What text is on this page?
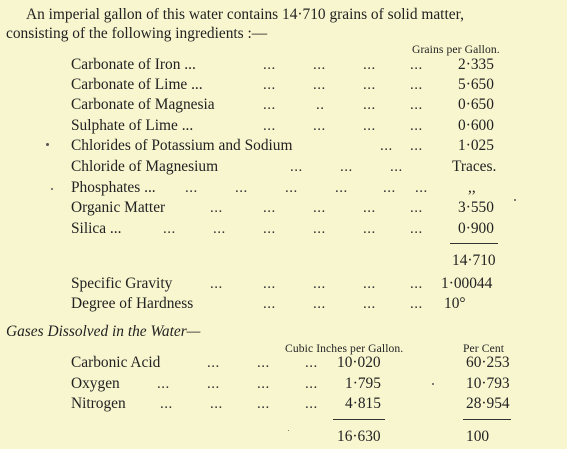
An imperial gallon of this water contains 14·710 grains of solid matter,
consisting of the following ingredients :—
Grains per Gallon.
Carbonate of Iron ...	... ... ... ... 2·335
Carbonate of Lime ...	... ... ... ... 5·650
Carbonate of Magnesia	...	..	... ... 0·650
Sulphate of Lime ...	... ... ... ... 0·600
Chlorides of Potassium and Sodium	... ... 1·025
Chloride of Magnesium	... ... ...	Traces.
Phosphates ... ... ... ... ... ... ...	,,
Organic Matter	...	... ... ... ... 3·550
Silica ...	... ... ... ... ... ... 0·900
14·710
Specific Gravity	...	... ... ... ... 1·00044
Degree of Hardness	... ... ... ... 10°
Gases Dissolved in the Water—
Cubic Inches per Gallon.	Per Cent
Carbonic Acid	... ... ... 10·020	60·253
Oxygen ... ... ... ... 1·795	10·793
Nitrogen ... ... ... ... 4·815	28·954
16·630	100
